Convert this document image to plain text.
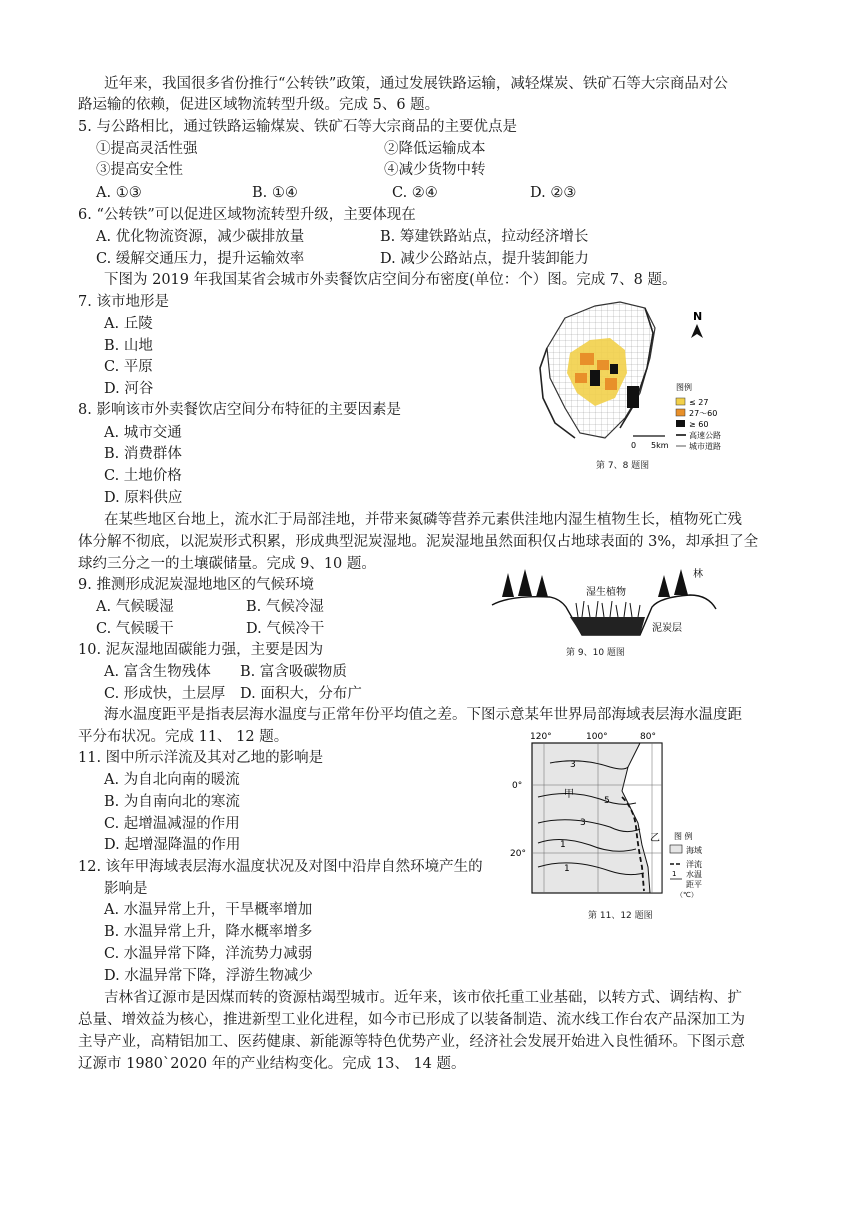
近年来，我国很多省份推行“公转铁”政策，通过发展铁路运输，减轻煤炭、铁矿石等大宗商品对公
路运输的依赖，促进区域物流转型升级。完成 5、6 题。
5. 与公路相比，通过铁路运输煤炭、铁矿石等大宗商品的主要优点是
①提高灵活性强	②降低运输成本
③提高安全性	④减少货物中转
A. ①③	B. ①④	C. ②④	D. ②③
6. “公转铁”可以促进区域物流转型升级，主要体现在
A. 优化物流资源，减少碳排放量	B. 筹建铁路站点，拉动经济增长
C. 缓解交通压力，提升运输效率	D. 减少公路站点，提升装卸能力
下图为 2019 年我国某省会城市外卖餐饮店空间分布密度(单位：个）图。完成 7、8 题。
7. 该市地形是
A. 丘陵
B. 山地
C. 平原
D. 河谷
8. 影响该市外卖餐饮店空间分布特征的主要因素是
A. 城市交通
B. 消费群体
C. 土地价格
D. 原料供应
N
0 5km
图例
≤ 27
27～60
≥ 60
高速公路
城市道路
第 7、8 题图
在某些地区台地上，流水汇于局部洼地，并带来氮磷等营养元素供洼地内湿生植物生长，植物死亡残
体分解不彻底，以泥炭形式积累，形成典型泥炭湿地。泥炭湿地虽然面积仅占地球表面的 3%，却承担了全
球约三分之一的土壤碳储量。完成 9、10 题。
9. 推测形成泥炭湿地地区的气候环境
A. 气候暖湿	B. 气候冷湿
C. 气候暖干	D. 气候冷干
10. 泥灰湿地固碳能力强，主要是因为
A. 富含生物残体 B. 富含吸碳物质
C. 形成快，土层厚 D. 面积大，分布广
林
湿生植物
泥炭层
第 9、10 题图
海水温度距平是指表层海水温度与正常年份平均值之差。下图示意某年世界局部海域表层海水温度距
平分布状况。完成 11、 12 题。
11. 图中所示洋流及其对乙地的影响是
A. 为自北向南的暖流
B. 为自南向北的寒流
C. 起增温减湿的作用
D. 起增湿降温的作用
12. 该年甲海域表层海水温度状况及对图中沿岸自然环境产生的
影响是
A. 水温异常上升，干旱概率增加
B. 水温异常上升，降水概率增多
C. 水温异常下降，洋流势力减弱
D. 水温异常下降，浮游生物减少
120°	100°	80°
0°
20°
3
5
3
1
1
甲
乙 图 例
海域
洋流
1 水温
距平
（℃）
第 11、12 题图
吉林省辽源市是因煤而转的资源枯竭型城市。近年来，该市依托重工业基础，以转方式、调结构、扩
总量、增效益为核心，推进新型工业化进程，如今市已形成了以装备制造、流水线工作台农产品深加工为
主导产业，高精铝加工、医药健康、新能源等特色优势产业，经济社会发展开始进入良性循环。下图示意
辽源市 1980`2020 年的产业结构变化。完成 13、 14 题。
